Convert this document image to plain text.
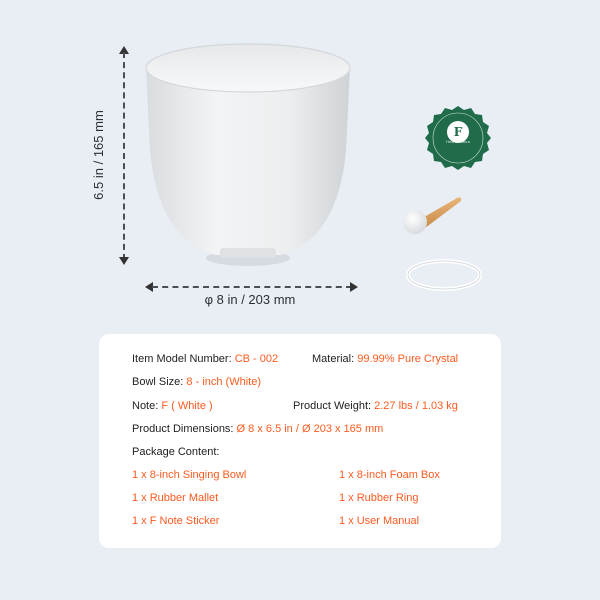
6.5 in / 165 mm
φ 8 in / 203 mm
F
Heart Chakra
Item Model Number: CB - 002	Material: 99.99% Pure Crystal
Bowl Size: 8 - inch (White)
Note: F ( White )	Product Weight: 2.27 lbs / 1.03 kg
Product Dimensions: Ø 8 x 6.5 in / Ø 203 x 165 mm
Package Content:
1 x 8-inch Singing Bowl
1 x Rubber Mallet
1 x F Note Sticker
1 x 8-inch Foam Box
1 x Rubber Ring
1 x User Manual
